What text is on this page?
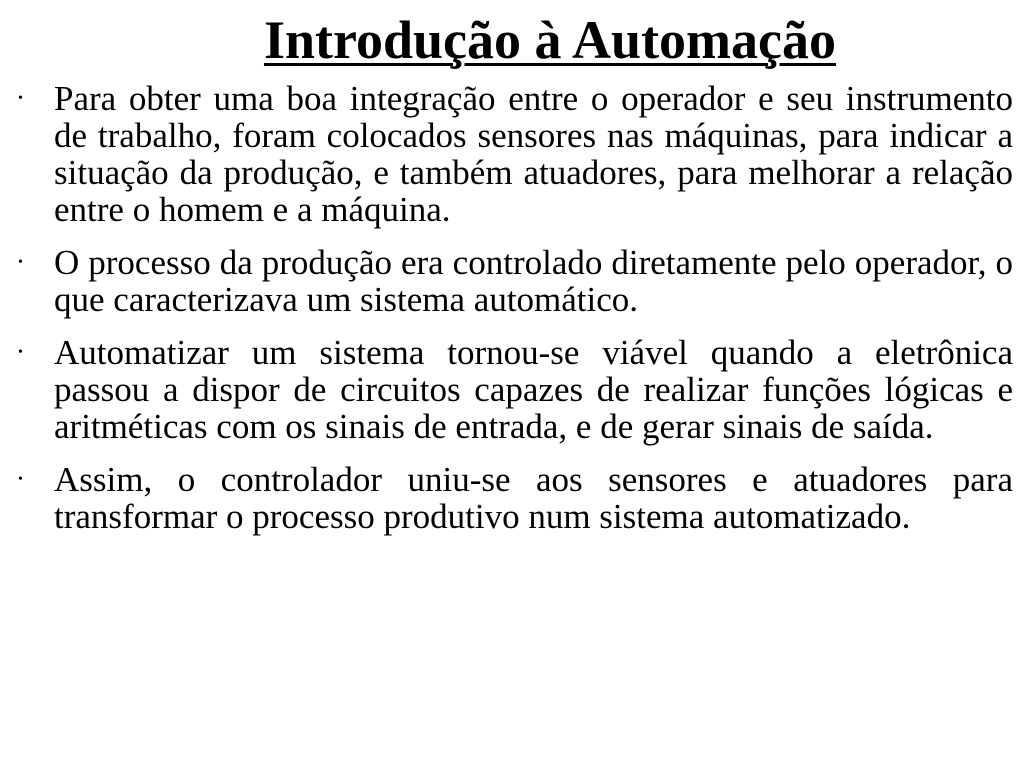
Introdução à Automação
• Para obter uma boa integração entre o operador e seu instrumento de trabalho, foram colocados sensores nas máquinas, para indicar a situação da produção, e também atuadores, para melhorar a relação entre o homem e a máquina.
• O processo da produção era controlado diretamente pelo operador, o que caracterizava um sistema automático.
• Automatizar um sistema tornou-se viável quando a eletrônica passou a dispor de circuitos capazes de realizar funções lógicas e aritméticas com os sinais de entrada, e de gerar sinais de saída.
• Assim, o controlador uniu-se aos sensores e atuadores para transformar o processo produtivo num sistema automatizado.
